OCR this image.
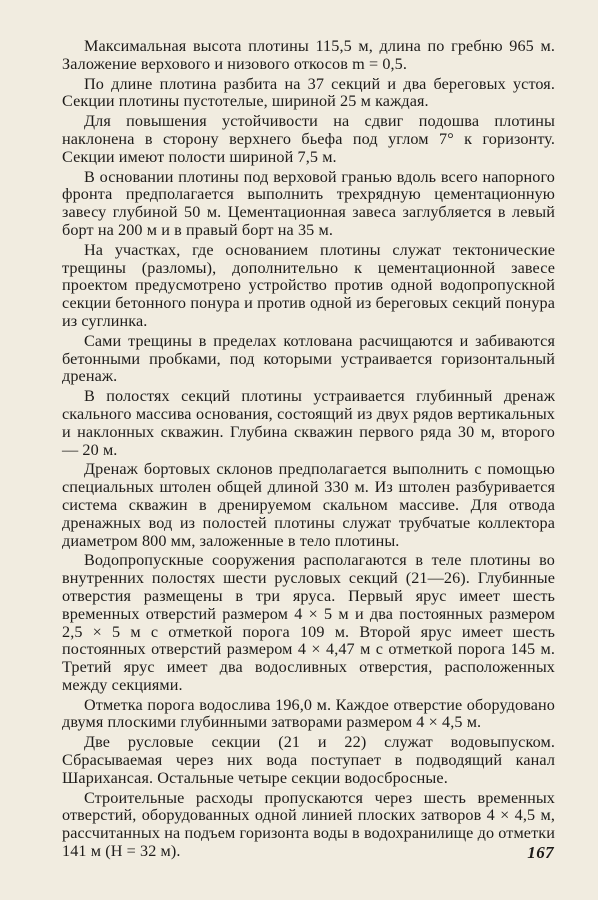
Максимальная высота плотины 115,5 м, длина по гребню 965 м. Заложение верхового и низового откосов m = 0,5.

По длине плотина разбита на 37 секций и два береговых устоя. Секции плотины пустотелые, шириной 25 м каждая.

Для повышения устойчивости на сдвиг подошва плотины наклонена в сторону верхнего бьефа под углом 7° к горизонту. Секции имеют полости шириной 7,5 м.

В основании плотины под верховой гранью вдоль всего напорного фронта предполагается выполнить трехрядную цементационную завесу глубиной 50 м. Цементационная завеса заглубляется в левый борт на 200 м и в правый борт на 35 м.

На участках, где основанием плотины служат тектонические трещины (разломы), дополнительно к цементационной завесе проектом предусмотрено устройство против одной водопропускной секции бетонного понура и против одной из береговых секций понура из суглинка.

Сами трещины в пределах котлована расчищаются и забиваются бетонными пробками, под которыми устраивается горизонтальный дренаж.

В полостях секций плотины устраивается глубинный дренаж скального массива основания, состоящий из двух рядов вертикальных и наклонных скважин. Глубина скважин первого ряда 30 м, второго — 20 м.

Дренаж бортовых склонов предполагается выполнить с помощью специальных штолен общей длиной 330 м. Из штолен разбуривается система скважин в дренируемом скальном массиве. Для отвода дренажных вод из полостей плотины служат трубчатые коллектора диаметром 800 мм, заложенные в тело плотины.

Водопропускные сооружения располагаются в теле плотины во внутренних полостях шести русловых секций (21—26). Глубинные отверстия размещены в три яруса. Первый ярус имеет шесть временных отверстий размером 4 × 5 м и два постоянных размером 2,5 × 5 м с отметкой порога 109 м. Второй ярус имеет шесть постоянных отверстий размером 4 × 4,47 м с отметкой порога 145 м. Третий ярус имеет два водосливных отверстия, расположенных между секциями.

Отметка порога водослива 196,0 м. Каждое отверстие оборудовано двумя плоскими глубинными затворами размером 4 × 4,5 м.

Две русловые секции (21 и 22) служат водовыпуском. Сбрасываемая через них вода поступает в подводящий канал Шарихансая. Остальные четыре секции водосбросные.

Строительные расходы пропускаются через шесть временных отверстий, оборудованных одной линией плоских затворов 4 × 4,5 м, рассчитанных на подъем горизонта воды в водохранилище до отметки 141 м (H = 32 м).	167
